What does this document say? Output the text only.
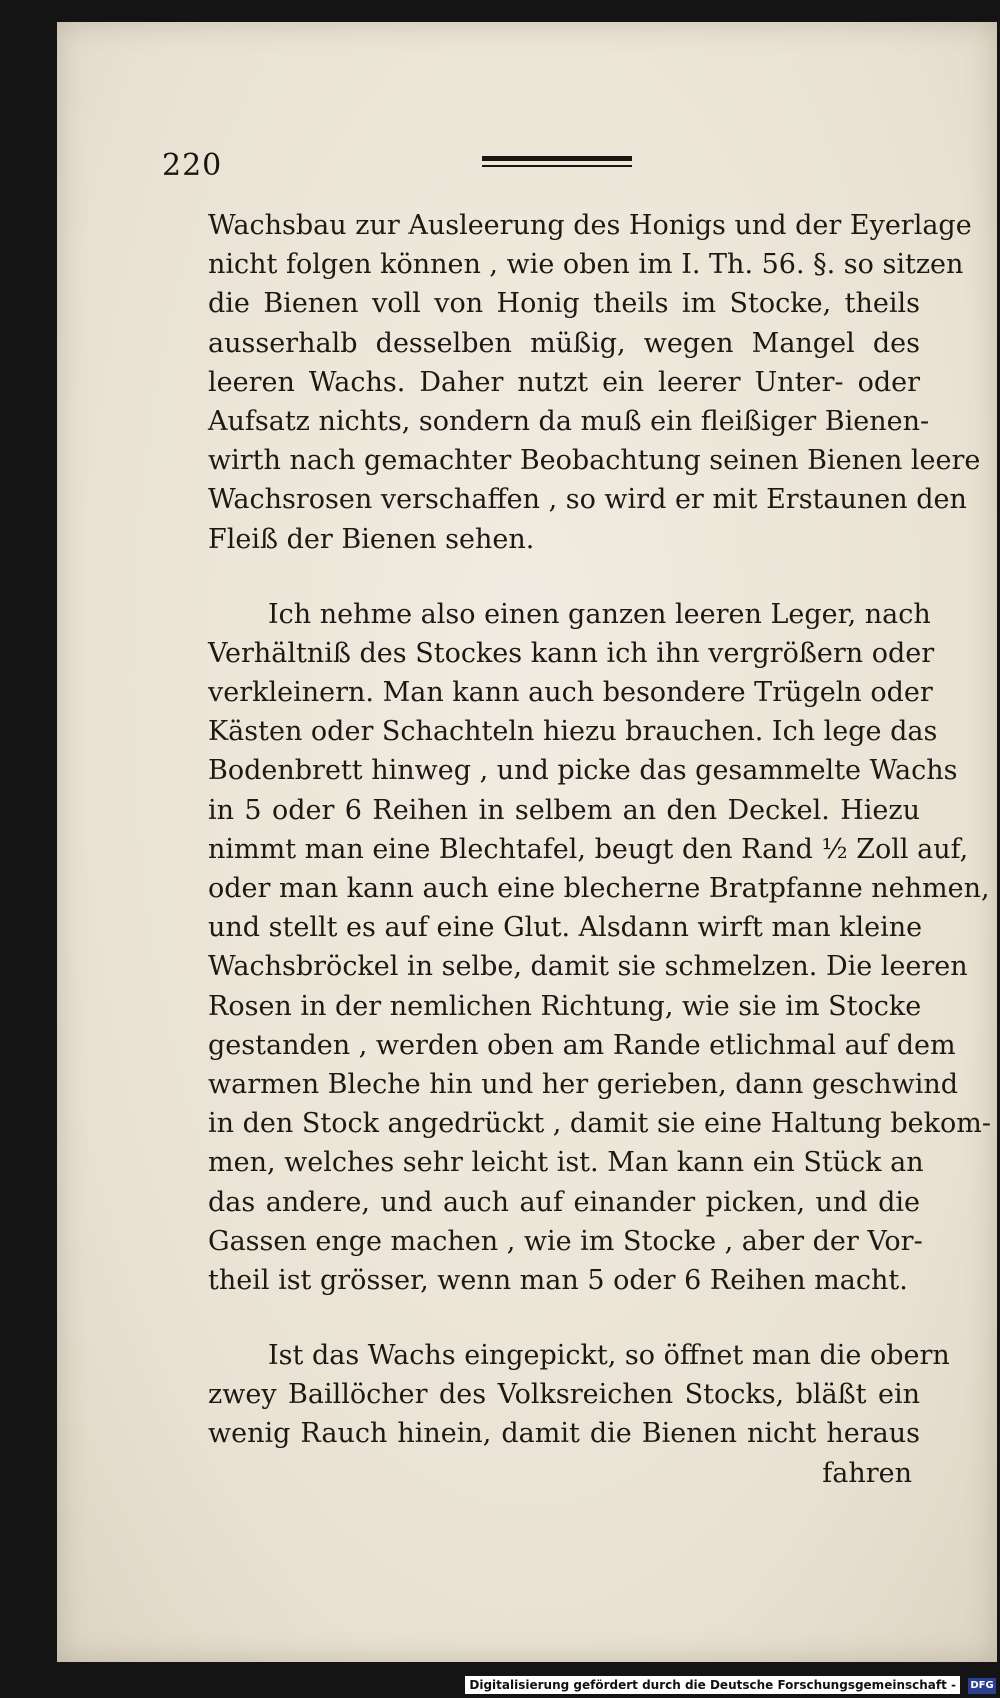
220
Wachsbau zur Ausleerung des Honigs und der Eyerlage
nicht folgen können , wie oben im I. Th. 56. §. so sitzen
die Bienen voll von Honig theils im Stocke, theils
ausserhalb desselben müßig, wegen Mangel des
leeren Wachs. Daher nutzt ein leerer Unter- oder
Aufsatz nichts, sondern da muß ein fleißiger Bienen-
wirth nach gemachter Beobachtung seinen Bienen leere
Wachsrosen verschaffen , so wird er mit Erstaunen den
Fleiß der Bienen sehen.
Ich nehme also einen ganzen leeren Leger, nach
Verhältniß des Stockes kann ich ihn vergrößern oder
verkleinern. Man kann auch besondere Trügeln oder
Kästen oder Schachteln hiezu brauchen. Ich lege das
Bodenbrett hinweg , und picke das gesammelte Wachs
in 5 oder 6 Reihen in selbem an den Deckel. Hiezu
nimmt man eine Blechtafel, beugt den Rand ½ Zoll auf,
oder man kann auch eine blecherne Bratpfanne nehmen,
und stellt es auf eine Glut. Alsdann wirft man kleine
Wachsbröckel in selbe, damit sie schmelzen. Die leeren
Rosen in der nemlichen Richtung, wie sie im Stocke
gestanden , werden oben am Rande etlichmal auf dem
warmen Bleche hin und her gerieben, dann geschwind
in den Stock angedrückt , damit sie eine Haltung bekom-
men, welches sehr leicht ist. Man kann ein Stück an
das andere, und auch auf einander picken, und die
Gassen enge machen , wie im Stocke , aber der Vor-
theil ist grösser, wenn man 5 oder 6 Reihen macht.
Ist das Wachs eingepickt, so öffnet man die obern
zwey Baillöcher des Volksreichen Stocks, bläßt ein
wenig Rauch hinein, damit die Bienen nicht heraus
fahren
Digitalisierung gefördert durch die Deutsche Forschungsgemeinschaft -	DFG
